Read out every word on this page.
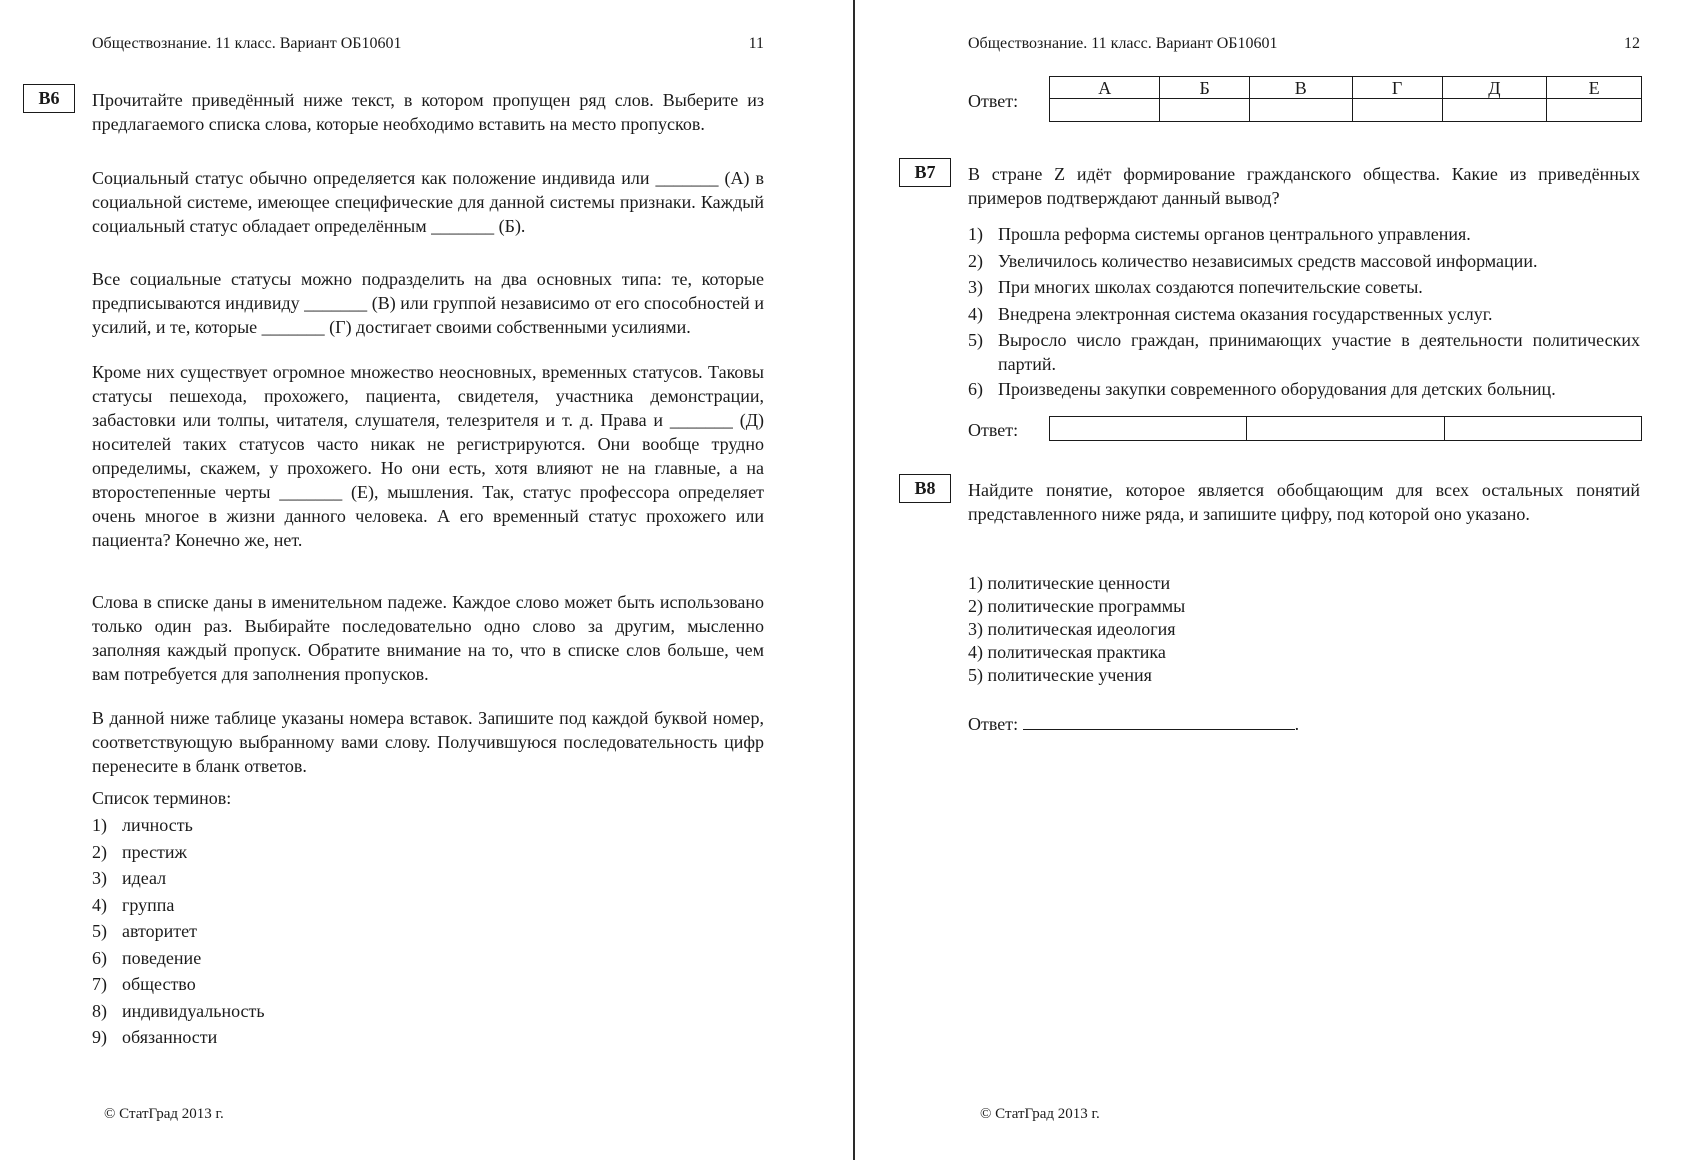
Обществознание. 11 класс. Вариант ОБ10601	11
В6	Прочитайте приведённый ниже текст, в котором пропущен ряд слов. Выберите из предлагаемого списка слова, которые необходимо вставить на место пропусков.

Социальный статус обычно определяется как положение индивида или _______ (А) в социальной системе, имеющее специфические для данной системы признаки. Каждый социальный статус обладает определённым _______ (Б).

Все социальные статусы можно подразделить на два основных типа: те, которые предписываются индивиду _______ (В) или группой независимо от его способностей и усилий, и те, которые _______ (Г) достигает своими собственными усилиями.

Кроме них существует огромное множество неосновных, временных статусов. Таковы статусы пешехода, прохожего, пациента, свидетеля, участника демонстрации, забастовки или толпы, читателя, слушателя, телезрителя и т. д. Права и _______ (Д) носителей таких статусов часто никак не регистрируются. Они вообще трудно определимы, скажем, у прохожего. Но они есть, хотя влияют не на главные, а на второстепенные черты _______ (Е), мышления. Так, статус профессора определяет очень многое в жизни данного человека. А его временный статус прохожего или пациента? Конечно же, нет.

Слова в списке даны в именительном падеже. Каждое слово может быть использовано только один раз. Выбирайте последовательно одно слово за другим, мысленно заполняя каждый пропуск. Обратите внимание на то, что в списке слов больше, чем вам потребуется для заполнения пропусков.

В данной ниже таблице указаны номера вставок. Запишите под каждой буквой номер, соответствующую выбранному вами слову. Получившуюся последовательность цифр перенесите в бланк ответов.

Список терминов:
1) личность
2) престиж
3) идеал
4) группа
5) авторитет
6) поведение
7) общество
8) индивидуальность
9) обязанности
© СтатГрад 2013 г.
Обществознание. 11 класс. Вариант ОБ10601	12
Ответ:
А	Б	В	Г	Д	Е

В7	В стране Z идёт формирование гражданского общества. Какие из приведённых примеров подтверждают данный вывод?

1) Прошла реформа системы органов центрального управления.
2) Увеличилось количество независимых средств массовой информации.
3) При многих школах создаются попечительские советы.
4) Внедрена электронная система оказания государственных услуг.
5) Выросло число граждан, принимающих участие в деятельности политических партий.
6) Произведены закупки современного оборудования для детских больниц.
Ответ:

В8	Найдите понятие, которое является обобщающим для всех остальных понятий представленного ниже ряда, и запишите цифру, под которой оно указано.

1) политические ценности
2) политические программы
3) политическая идеология
4) политическая практика
5) политические учения
Ответ:	.
© СтатГрад 2013 г.
